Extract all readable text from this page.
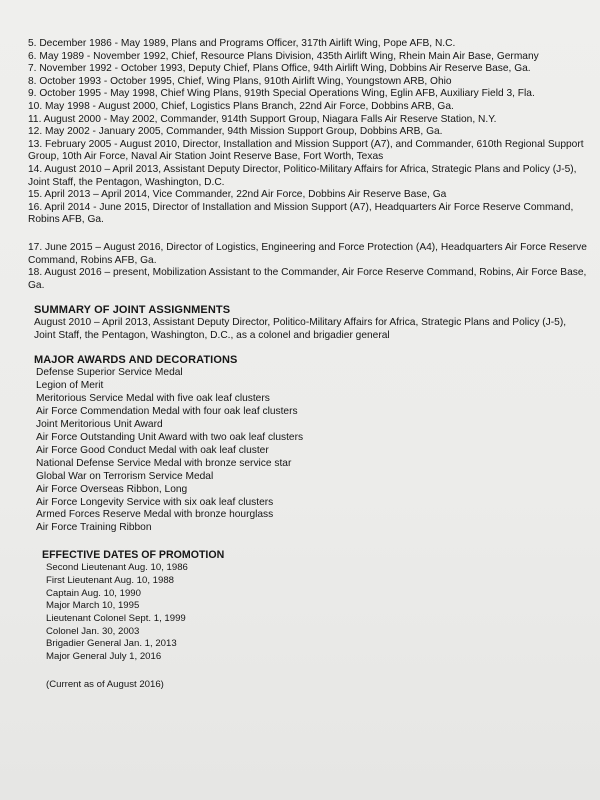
5. December 1986 - May 1989, Plans and Programs Officer, 317th Airlift Wing, Pope AFB, N.C.
6. May 1989 - November 1992, Chief, Resource Plans Division, 435th Airlift Wing, Rhein Main Air Base, Germany
7. November 1992 - October 1993, Deputy Chief, Plans Office, 94th Airlift Wing, Dobbins Air Reserve Base, Ga.
8. October 1993 - October 1995, Chief, Wing Plans, 910th Airlift Wing, Youngstown ARB, Ohio
9. October 1995 - May 1998, Chief Wing Plans, 919th Special Operations Wing, Eglin AFB, Auxiliary Field 3, Fla.
10. May 1998 - August 2000, Chief, Logistics Plans Branch, 22nd Air Force, Dobbins ARB, Ga.
11. August 2000 - May 2002, Commander, 914th Support Group, Niagara Falls Air Reserve Station, N.Y.
12. May 2002 - January 2005, Commander, 94th Mission Support Group, Dobbins ARB, Ga.
13. February 2005 - August 2010, Director, Installation and Mission Support (A7), and Commander, 610th Regional Support Group, 10th Air Force, Naval Air Station Joint Reserve Base, Fort Worth, Texas
14. August 2010 – April 2013, Assistant Deputy Director, Politico-Military Affairs for Africa, Strategic Plans and Policy (J-5), Joint Staff, the Pentagon, Washington, D.C.
15. April 2013 – April 2014, Vice Commander, 22nd Air Force, Dobbins Air Reserve Base, Ga
16. April 2014 - June 2015, Director of Installation and Mission Support (A7), Headquarters Air Force Reserve Command, Robins AFB, Ga.
17. June 2015 – August 2016, Director of Logistics, Engineering and Force Protection (A4), Headquarters Air Force Reserve Command, Robins AFB, Ga.
18. August 2016 – present, Mobilization Assistant to the Commander, Air Force Reserve Command, Robins, Air Force Base, Ga.
SUMMARY OF JOINT ASSIGNMENTS
August 2010 – April 2013, Assistant Deputy Director, Politico-Military Affairs for Africa, Strategic Plans and Policy (J-5), Joint Staff, the Pentagon, Washington, D.C., as a colonel and brigadier general
MAJOR AWARDS AND DECORATIONS
Defense Superior Service Medal
Legion of Merit
Meritorious Service Medal with five oak leaf clusters
Air Force Commendation Medal with four oak leaf clusters
Joint Meritorious Unit Award
Air Force Outstanding Unit Award with two oak leaf clusters
Air Force Good Conduct Medal with oak leaf cluster
National Defense Service Medal with bronze service star
Global War on Terrorism Service Medal
Air Force Overseas Ribbon, Long
Air Force Longevity Service with six oak leaf clusters
Armed Forces Reserve Medal with bronze hourglass
Air Force Training Ribbon
EFFECTIVE DATES OF PROMOTION
Second Lieutenant Aug. 10, 1986
First Lieutenant Aug. 10, 1988
Captain Aug. 10, 1990
Major March 10, 1995
Lieutenant Colonel Sept. 1, 1999
Colonel Jan. 30, 2003
Brigadier General Jan. 1, 2013
Major General July 1, 2016
(Current as of August 2016)
